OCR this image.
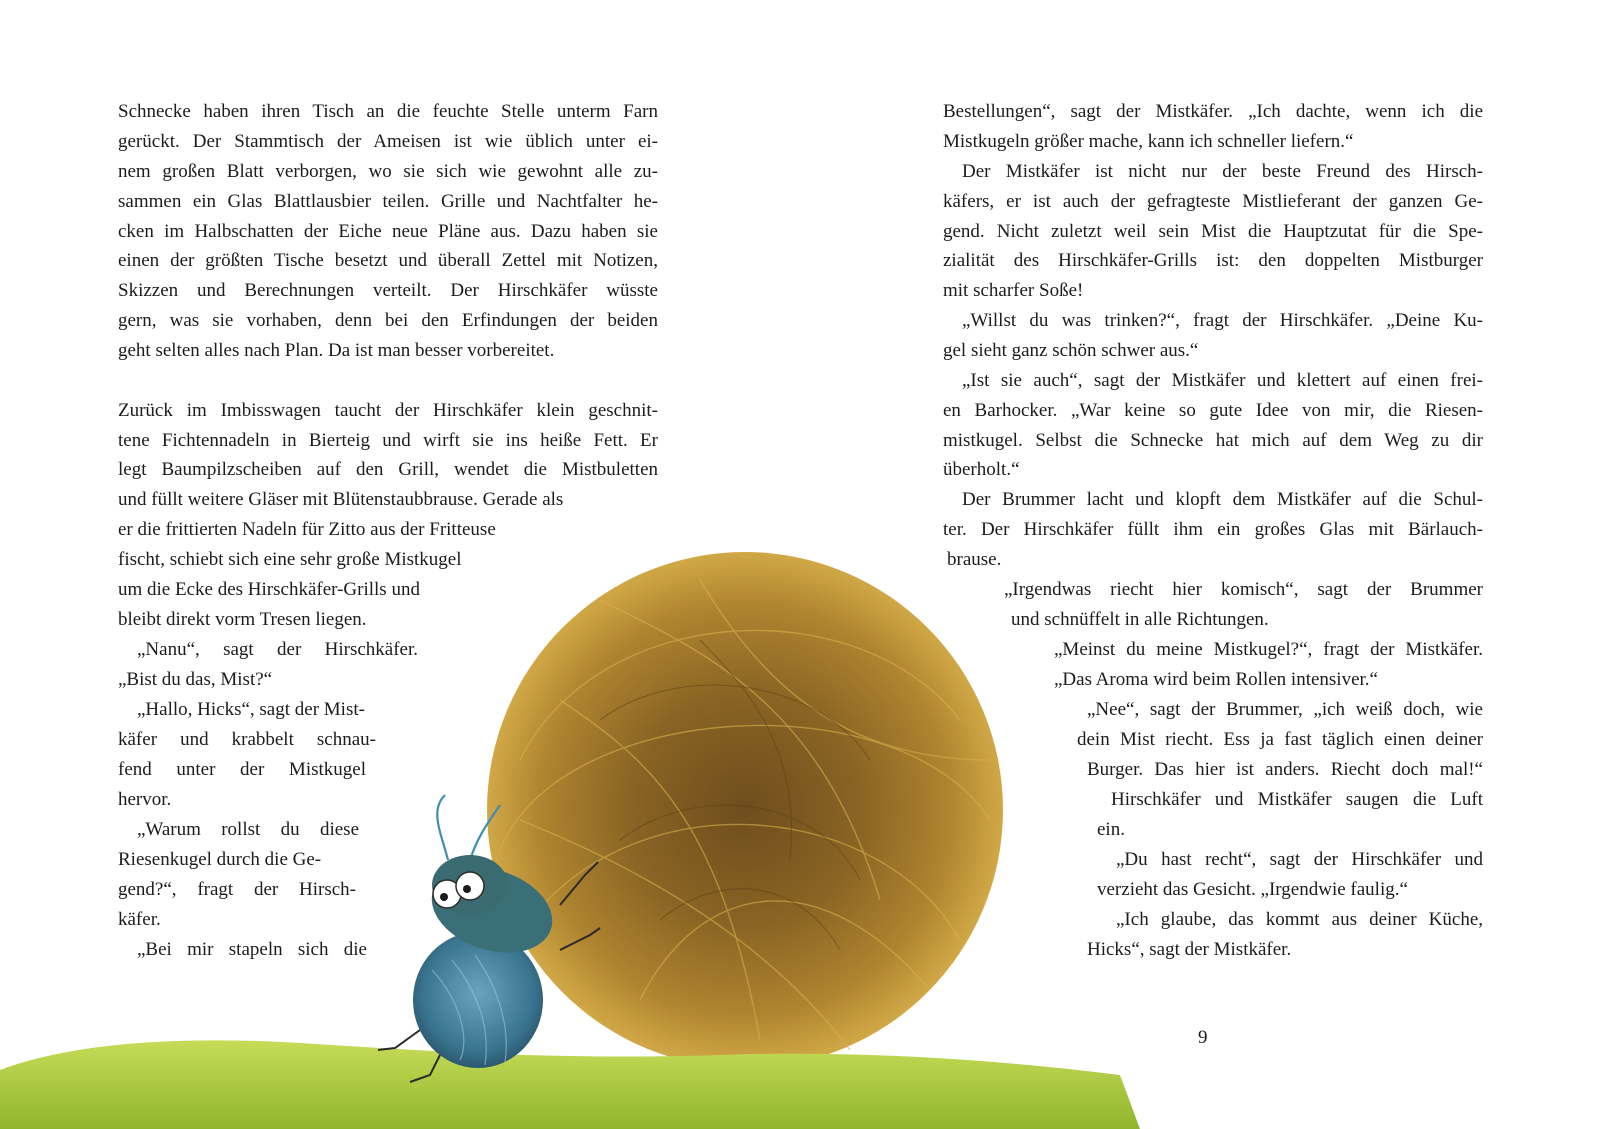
Schnecke haben ihren Tisch an die feuchte Stelle unterm Farn

gerückt. Der Stammtisch der Ameisen ist wie üblich unter ei-

nem großen Blatt verborgen, wo sie sich wie gewohnt alle zu-

sammen ein Glas Blattlausbier teilen. Grille und Nachtfalter he-

cken im Halbschatten der Eiche neue Pläne aus. Dazu haben sie

einen der größten Tische besetzt und überall Zettel mit Notizen,

Skizzen und Berechnungen verteilt. Der Hirschkäfer wüsste

gern, was sie vorhaben, denn bei den Erfindungen der beiden

geht selten alles nach Plan. Da ist man besser vorbereitet.

Zurück im Imbisswagen taucht der Hirschkäfer klein geschnit-

tene Fichtennadeln in Bierteig und wirft sie ins heiße Fett. Er

legt Baumpilzscheiben auf den Grill, wendet die Mistbuletten

und füllt weitere Gläser mit Blütenstaubbrause. Gerade als

er die frittierten Nadeln für Zitto aus der Fritteuse

fischt, schiebt sich eine sehr große Mistkugel

um die Ecke des Hirschkäfer-Grills und

bleibt direkt vorm Tresen liegen.

„Nanu“, sagt der Hirschkäfer.

„Bist du das, Mist?“

„Hallo, Hicks“, sagt der Mist-

käfer und krabbelt schnau-

fend unter der Mistkugel

hervor.

„Warum rollst du diese

Riesenkugel durch die Ge-

gend?“, fragt der Hirsch-

käfer.

„Bei mir stapeln sich die

Bestellungen“, sagt der Mistkäfer. „Ich dachte, wenn ich die

Mistkugeln größer mache, kann ich schneller liefern.“

Der Mistkäfer ist nicht nur der beste Freund des Hirsch-

käfers, er ist auch der gefragteste Mistlieferant der ganzen Ge-

gend. Nicht zuletzt weil sein Mist die Hauptzutat für die Spe-

zialität des Hirschkäfer-Grills ist: den doppelten Mistburger

mit scharfer Soße!

„Willst du was trinken?“, fragt der Hirschkäfer. „Deine Ku-

gel sieht ganz schön schwer aus.“

„Ist sie auch“, sagt der Mistkäfer und klettert auf einen frei-

en Barhocker. „War keine so gute Idee von mir, die Riesen-

mistkugel. Selbst die Schnecke hat mich auf dem Weg zu dir

überholt.“

Der Brummer lacht und klopft dem Mistkäfer auf die Schul-

ter. Der Hirschkäfer füllt ihm ein großes Glas mit Bärlauch-

brause.

„Irgendwas riecht hier komisch“, sagt der Brummer

und schnüffelt in alle Richtungen.

„Meinst du meine Mistkugel?“, fragt der Mistkäfer.

„Das Aroma wird beim Rollen intensiver.“

„Nee“, sagt der Brummer, „ich weiß doch, wie

dein Mist riecht. Ess ja fast täglich einen deiner

Burger. Das hier ist anders. Riecht doch mal!“

Hirschkäfer und Mistkäfer saugen die Luft

ein.

„Du hast recht“, sagt der Hirschkäfer und

verzieht das Gesicht. „Irgendwie faulig.“

„Ich glaube, das kommt aus deiner Küche,

Hicks“, sagt der Mistkäfer.

9
